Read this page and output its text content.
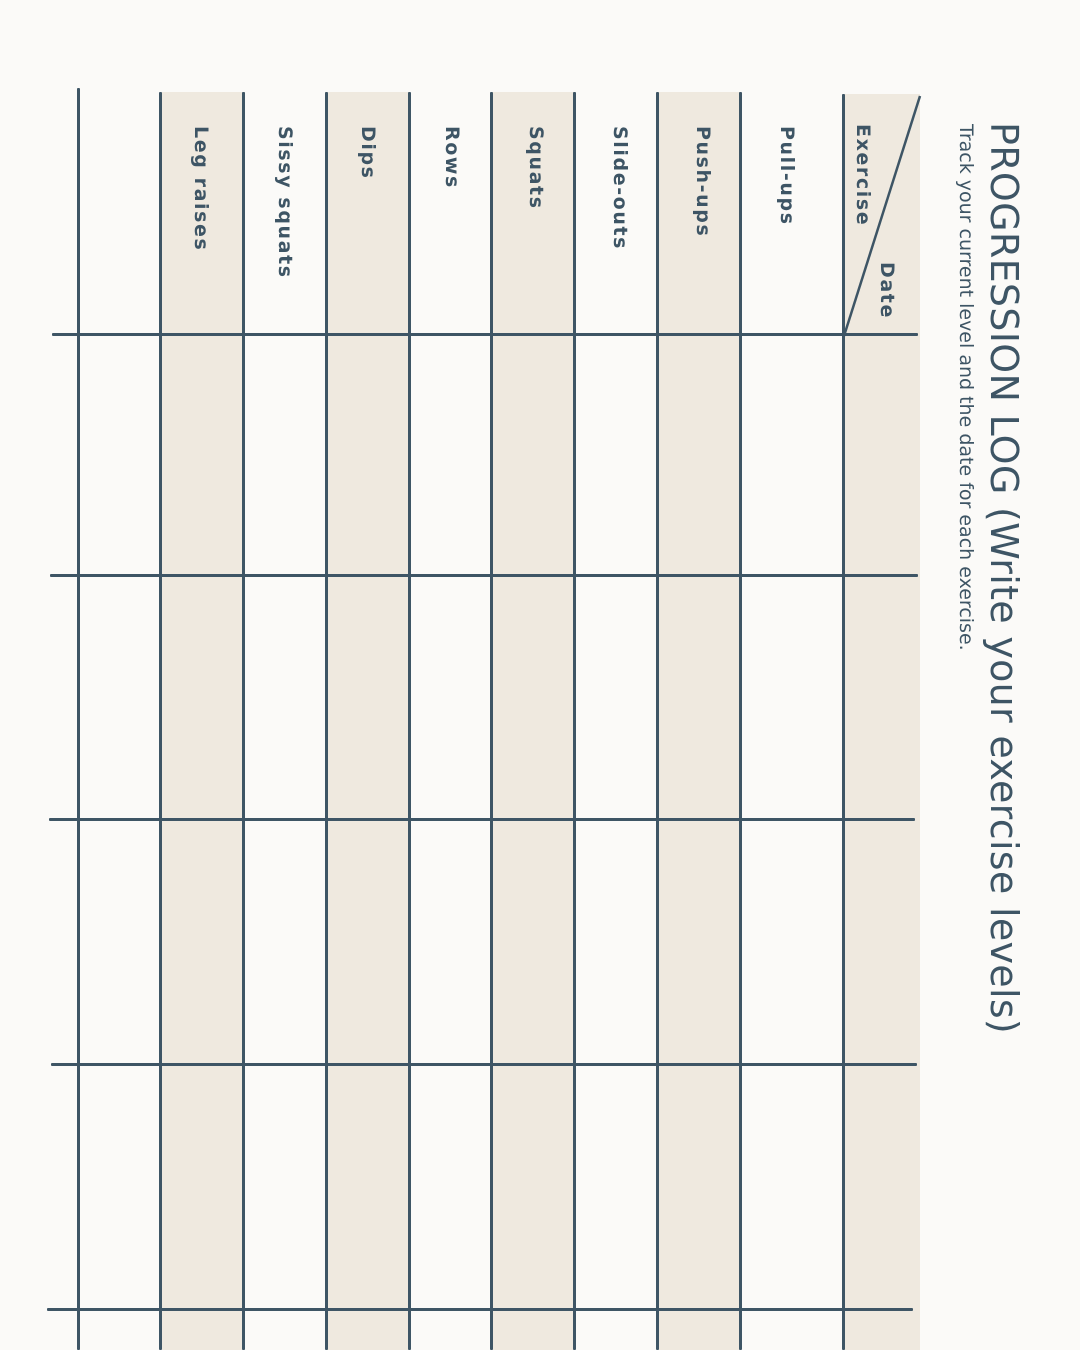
PROGRESSION LOG (Write your exercise levels)
Track your current level and the date for each exercise.
Exercise
Date
Pull-ups
Push-ups
Slide-outs
Squats
Rows
Dips
Sissy squats
Leg raises
